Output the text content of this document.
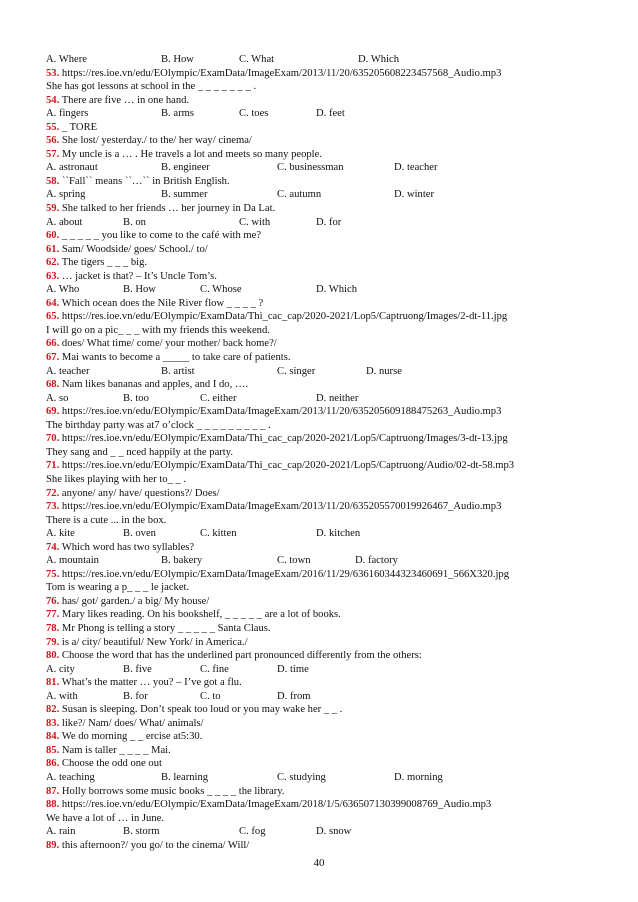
A. Where	B. How	C. What	D. Which
53. https://res.ioe.vn/edu/EOlympic/ExamData/ImageExam/2013/11/20/635205608223457568_Audio.mp3
She has got lessons at school in the _ _ _ _ _ _ _ .
54. There are five … in one hand.
A. fingers	B. arms	C. toes	D. feet
55. _ TORE
56. She lost/ yesterday./ to the/ her way/ cinema/
57. My uncle is a … . He travels a lot and meets so many people.
A. astronaut	B. engineer	C. businessman	D. teacher
58. ``Fall`` means ``…`` in British English.
A. spring	B. summer	C. autumn	D. winter
59. She talked to her friends … her journey in Da Lat.
A. about	B. on	C. with	D. for
60. _ _ _ _ _ you like to come to the café with me?
61. Sam/ Woodside/ goes/ School./ to/
62. The tigers _ _ _ big.
63. … jacket is that? – It’s Uncle Tom’s.
A. Who	B. How	C. Whose	D. Which
64. Which ocean does the Nile River flow _ _ _ _ ?
65. https://res.ioe.vn/edu/EOlympic/ExamData/Thi_cac_cap/2020-2021/Lop5/Captruong/Images/2-dt-11.jpg
I will go on a pic_ _ _ with my friends this weekend.
66. does/ What time/ come/ your mother/ back home?/
67. Mai wants to become a _____ to take care of patients.
A. teacher	B. artist	C. singer	D. nurse
68. Nam likes bananas and apples, and I do, ….
A. so	B. too	C. either	D. neither
69. https://res.ioe.vn/edu/EOlympic/ExamData/ImageExam/2013/11/20/635205609188475263_Audio.mp3
The birthday party was at7 o’clock _ _ _ _ _ _ _ _ _ .
70. https://res.ioe.vn/edu/EOlympic/ExamData/Thi_cac_cap/2020-2021/Lop5/Captruong/Images/3-dt-13.jpg
They sang and _ _ nced happily at the party.
71. https://res.ioe.vn/edu/EOlympic/ExamData/Thi_cac_cap/2020-2021/Lop5/Captruong/Audio/02-dt-58.mp3
She likes playing with her to_ _ .
72. anyone/ any/ have/ questions?/ Does/
73. https://res.ioe.vn/edu/EOlympic/ExamData/ImageExam/2013/11/20/635205570019926467_Audio.mp3
There is a cute ... in the box.
A. kite	B. oven	C. kitten	D. kitchen
74. Which word has two syllables?
A. mountain	B. bakery	C. town	D. factory
75. https://res.ioe.vn/edu/EOlympic/ExamData/ImageExam/2016/11/29/636160344323460691_566X320.jpg
Tom is wearing a p_ _ _ le jacket.
76. has/ got/ garden./ a big/ My house/
77. Mary likes reading. On his bookshelf, _ _ _ _ _ are a lot of books.
78. Mr Phong is telling a story _ _ _ _ _ Santa Claus.
79. is a/ city/ beautiful/ New York/ in America./
80. Choose the word that has the underlined part pronounced differently from the others:
A. city	B. five	C. fine	D. time
81. What’s the matter … you? – I’ve got a flu.
A. with	B. for	C. to	D. from
82. Susan is sleeping. Don’t speak too loud or you may wake her _ _ .
83. like?/ Nam/ does/ What/ animals/
84. We do morning _ _ ercise at5:30.
85. Nam is taller _ _ _ _ Mai.
86. Choose the odd one out
A. teaching	B. learning	C. studying	D. morning
87. Holly borrows some music books _ _ _ _ the library.
88. https://res.ioe.vn/edu/EOlympic/ExamData/ImageExam/2018/1/5/636507130399008769_Audio.mp3
We have a lot of … in June.
A. rain	B. storm	C. fog	D. snow
89. this afternoon?/ you go/ to the cinema/ Will/
40
